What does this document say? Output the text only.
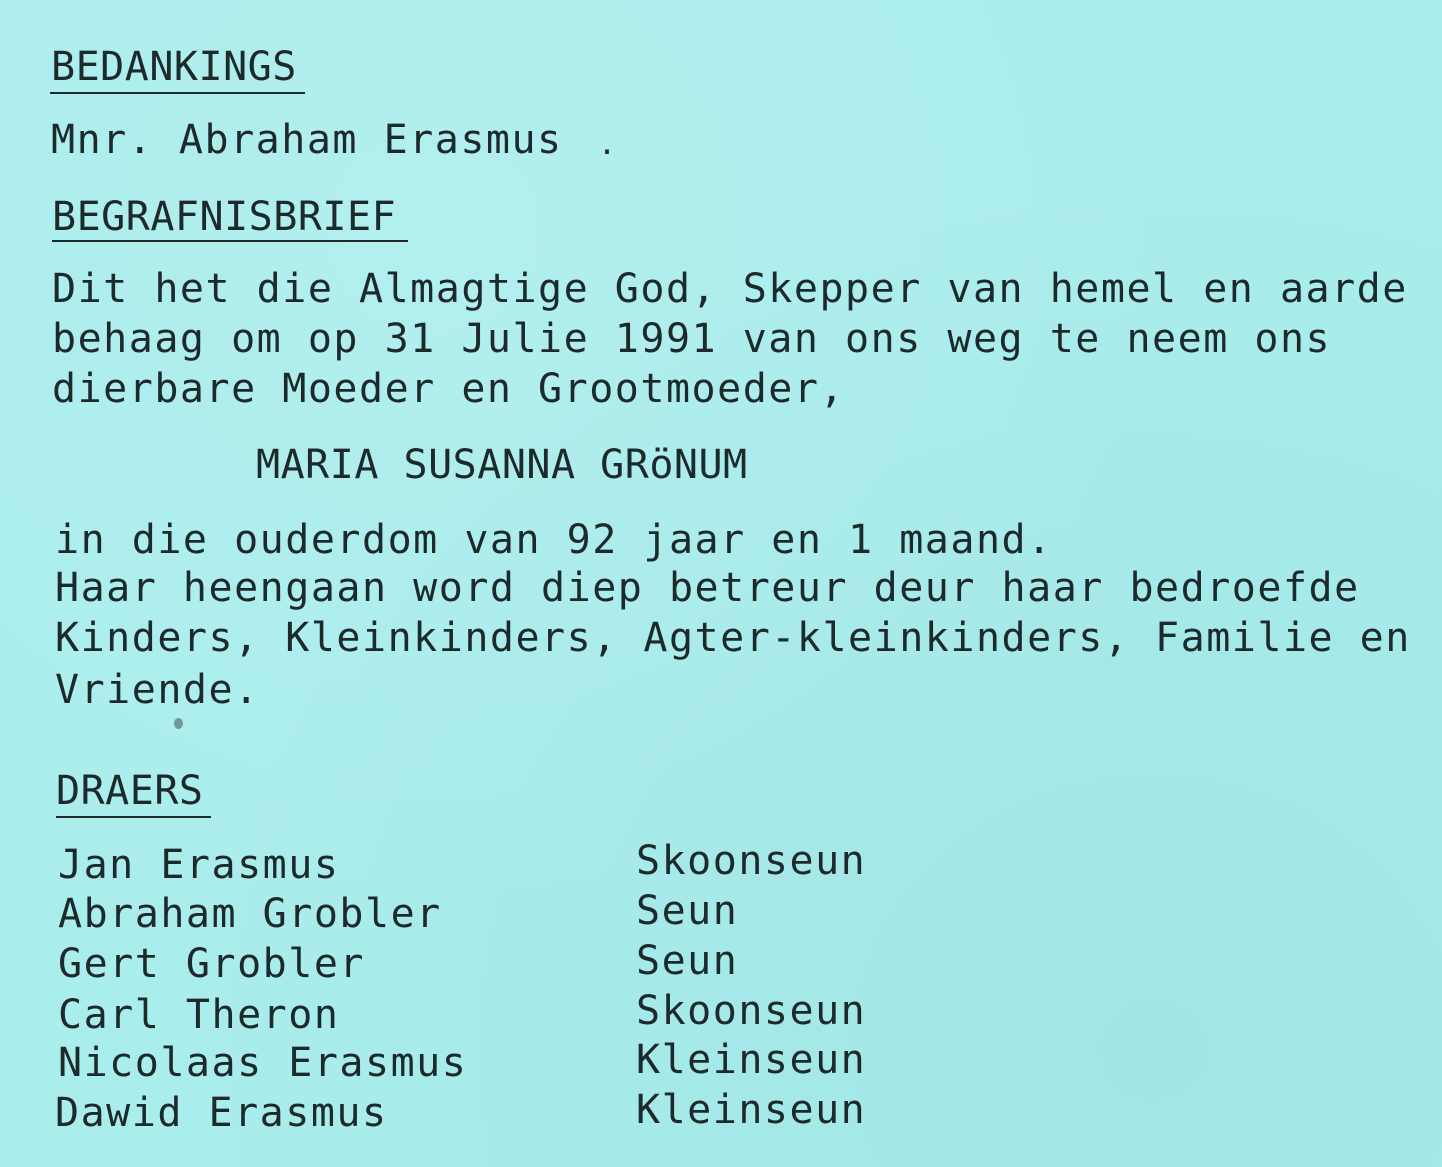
BEDANKINGS
Mnr. Abraham Erasmus .
BEGRAFNISBRIEF
Dit het die Almagtige God, Skepper van hemel en aarde
behaag om op 31 Julie 1991 van ons weg te neem ons
dierbare Moeder en Grootmoeder,
MARIA SUSANNA GRöNUM
in die ouderdom van 92 jaar en 1 maand.
Haar heengaan word diep betreur deur haar bedroefde
Kinders, Kleinkinders, Agter-kleinkinders, Familie en
Vriende.
DRAERS
Jan Erasmus	Skoonseun
Abraham Grobler	Seun
Gert Grobler	Seun
Carl Theron	Skoonseun
Nicolaas Erasmus	Kleinseun
Dawid Erasmus	Kleinseun
